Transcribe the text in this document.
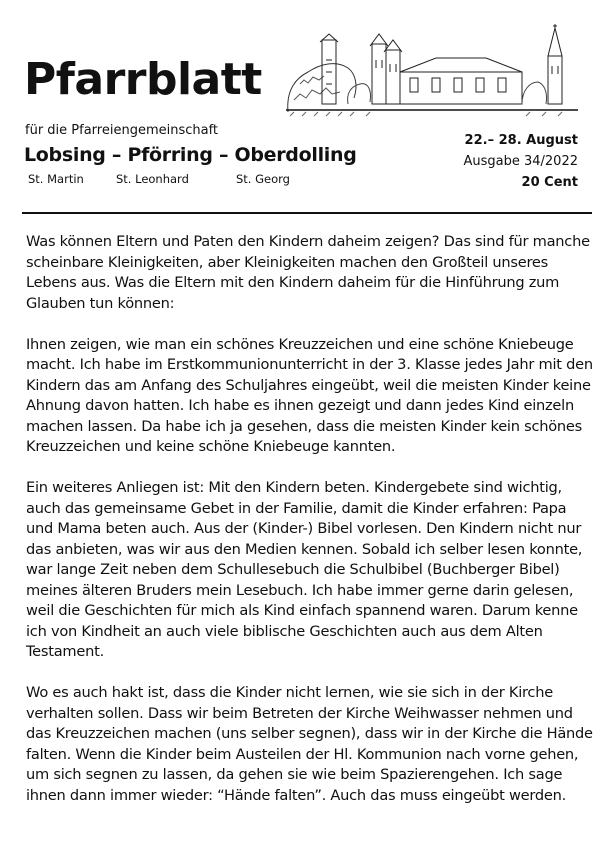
Pfarrblatt
für die Pfarreiengemeinschaft
Lobsing – Pförring – Oberdolling
St. Martin	St. Leonhard	St. Georg
22.– 28. August
Ausgabe 34/2022
20 Cent

Was können Eltern und Paten den Kindern daheim zeigen? Das sind für manche scheinbare Kleinigkeiten, aber Kleinigkeiten machen den Großteil unseres Lebens aus. Was die Eltern mit den Kindern daheim für die Hinführung zum Glauben tun können:

Ihnen zeigen, wie man ein schönes Kreuzzeichen und eine schöne Kniebeuge macht. Ich habe im Erstkommunionunterricht in der 3. Klasse jedes Jahr mit den Kindern das am Anfang des Schuljahres eingeübt, weil die meisten Kinder keine Ahnung davon hatten. Ich habe es ihnen gezeigt und dann jedes Kind einzeln machen lassen. Da habe ich ja gesehen, dass die meisten Kinder kein schönes Kreuzzeichen und keine schöne Kniebeuge kannten.

Ein weiteres Anliegen ist: Mit den Kindern beten. Kindergebete sind wichtig, auch das gemeinsame Gebet in der Familie, damit die Kinder erfahren: Papa und Mama beten auch. Aus der (Kinder-) Bibel vorlesen. Den Kindern nicht nur das anbieten, was wir aus den Medien kennen. Sobald ich selber lesen konnte, war lange Zeit neben dem Schullesebuch die Schulbibel (Buchberger Bibel) meines älteren Bruders mein Lesebuch. Ich habe immer gerne darin gelesen, weil die Geschichten für mich als Kind einfach spannend waren. Darum kenne ich von Kindheit an auch viele biblische Geschichten auch aus dem Alten Testament.

Wo es auch hakt ist, dass die Kinder nicht lernen, wie sie sich in der Kirche verhalten sollen. Dass wir beim Betreten der Kirche Weihwasser nehmen und das Kreuzzeichen machen (uns selber segnen), dass wir in der Kirche die Hände falten. Wenn die Kinder beim Austeilen der Hl. Kommunion nach vorne gehen, um sich segnen zu lassen, da gehen sie wie beim Spazierengehen. Ich sage ihnen dann immer wieder: “Hände falten”. Auch das muss eingeübt werden.
